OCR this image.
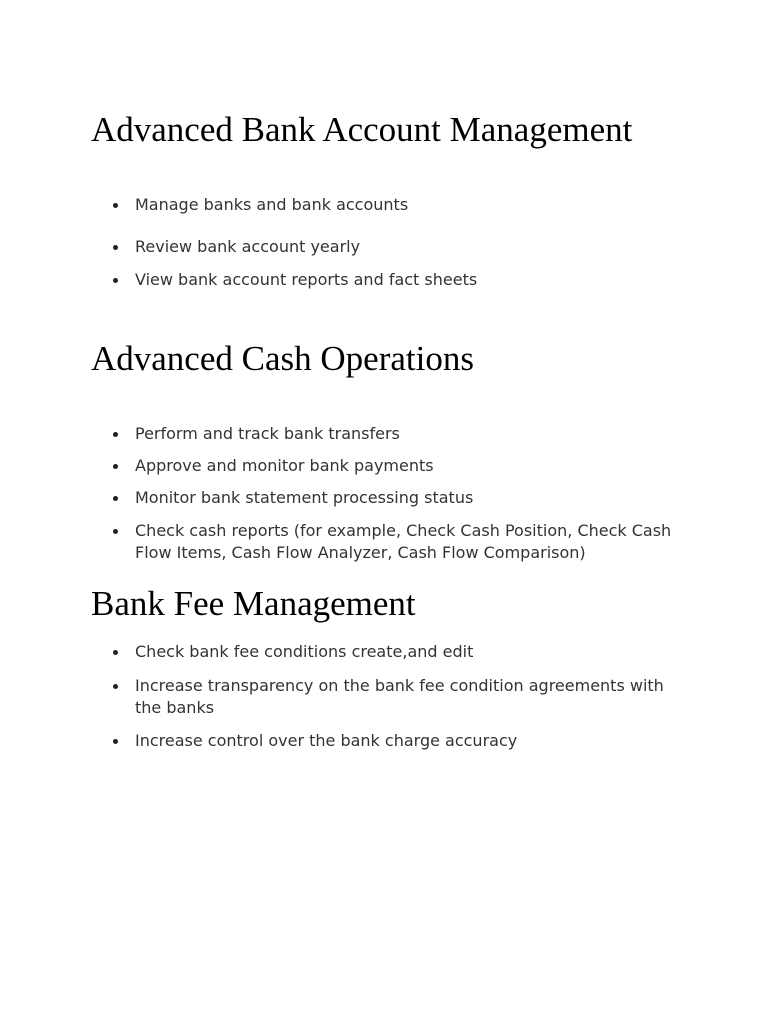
Advanced Bank Account Management
Manage banks and bank accounts
Review bank account yearly
View bank account reports and fact sheets
Advanced Cash Operations
Perform and track bank transfers
Approve and monitor bank payments
Monitor bank statement processing status
Check cash reports (for example, Check Cash Position, Check Cash Flow Items, Cash Flow Analyzer, Cash Flow Comparison)
Bank Fee Management
Check bank fee conditions create,and edit
Increase transparency on the bank fee condition agreements with the banks
Increase control over the bank charge accuracy
